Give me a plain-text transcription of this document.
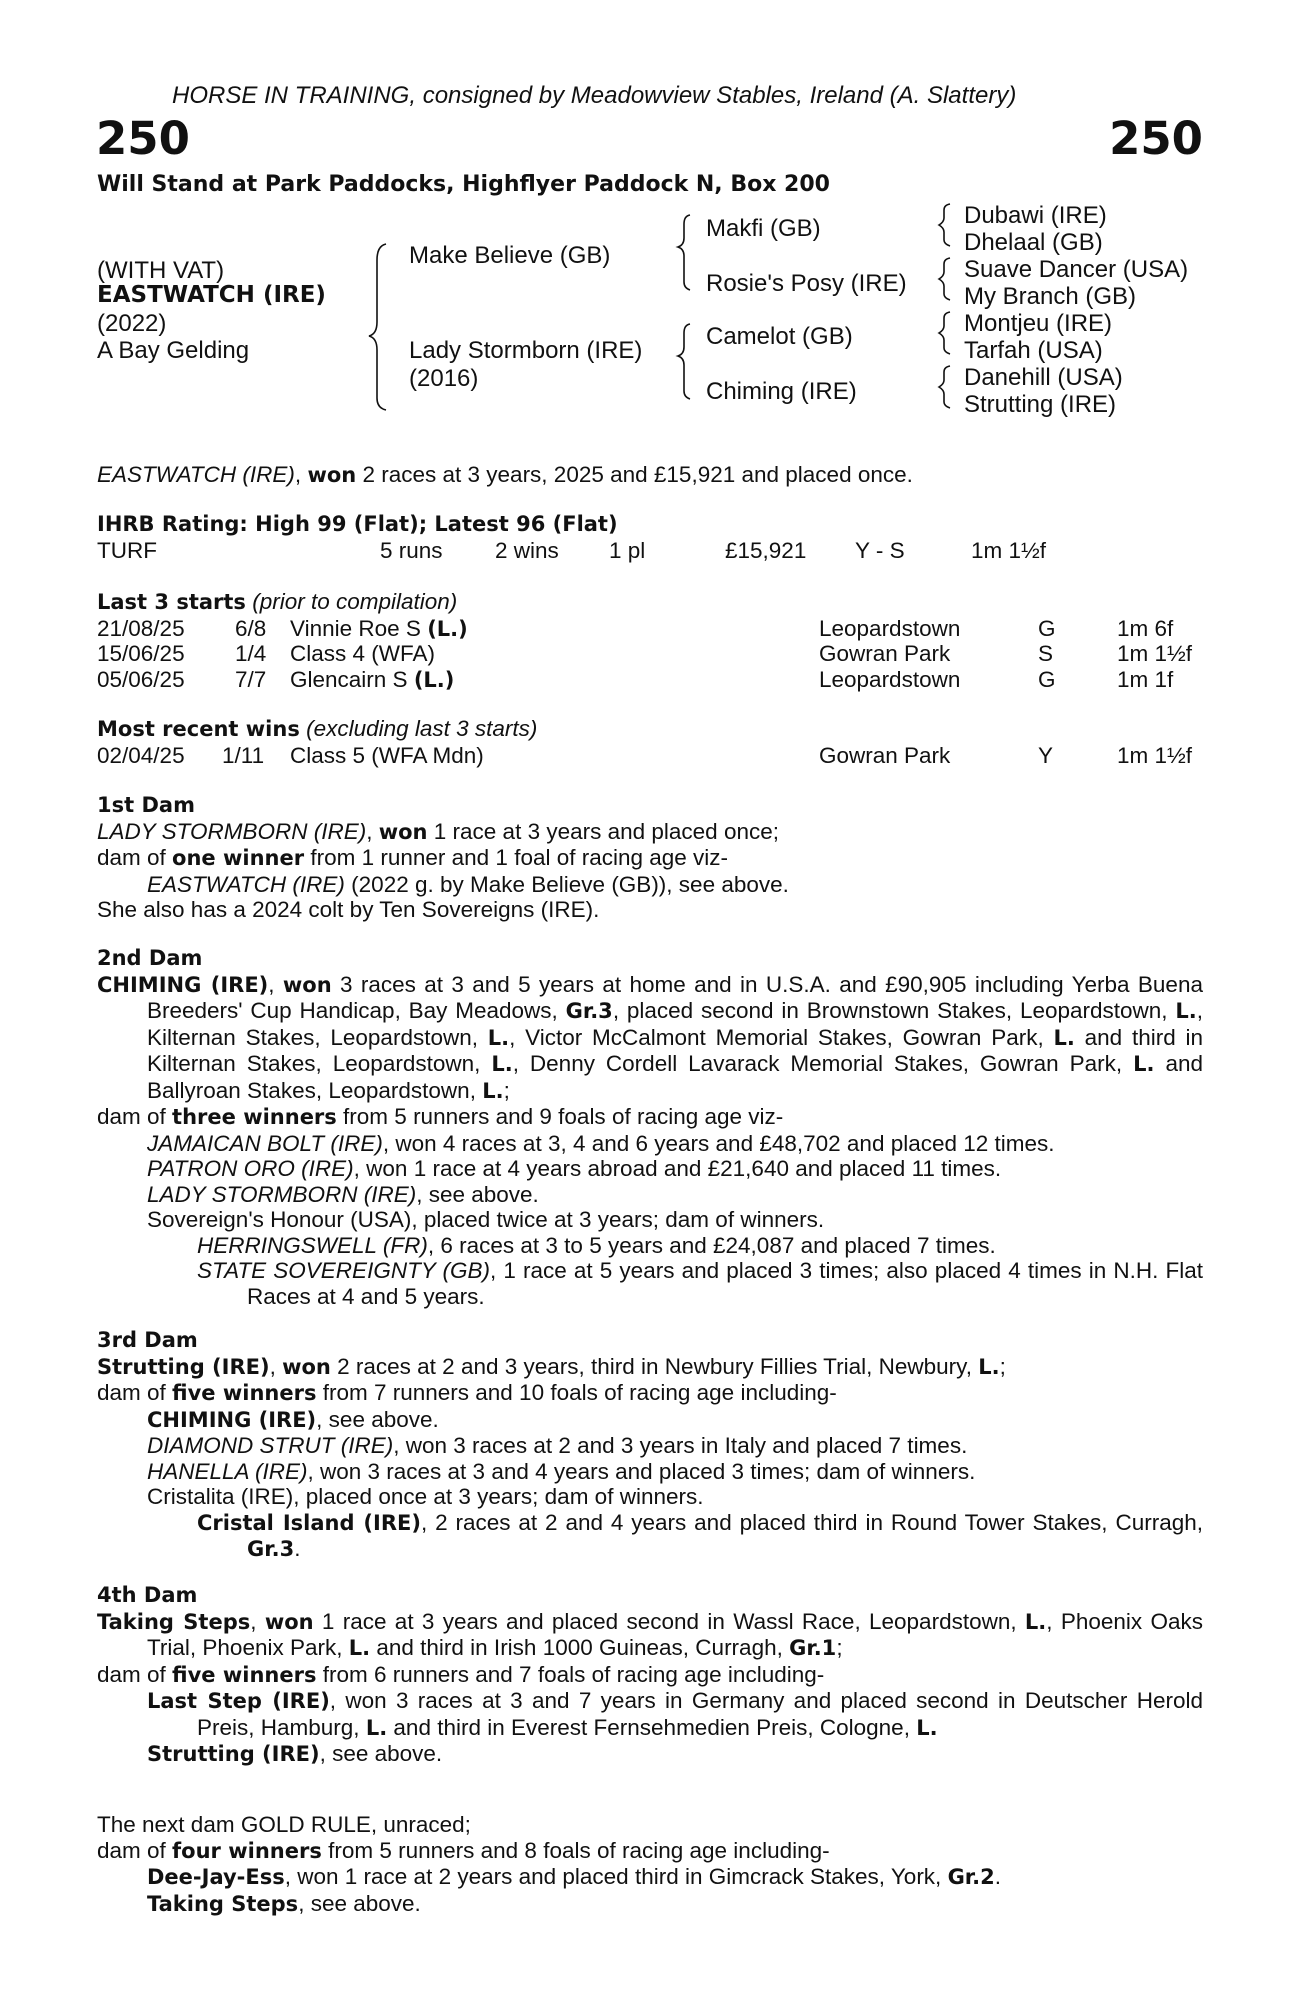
HORSE IN TRAINING, consigned by Meadowview Stables, Ireland (A. Slattery)
250	250
Will Stand at Park Paddocks, Highflyer Paddock N, Box 200
(WITH VAT)
EASTWATCH (IRE)
(2022)
A Bay Gelding
Make Believe (GB)
Lady Stormborn (IRE)
(2016)
Makfi (GB)
Rosie's Posy (IRE)
Camelot (GB)
Chiming (IRE)
Dubawi (IRE)
Dhelaal (GB)
Suave Dancer (USA)
My Branch (GB)
Montjeu (IRE)
Tarfah (USA)
Danehill (USA)
Strutting (IRE)

EASTWATCH (IRE), won 2 races at 3 years, 2025 and £15,921 and placed once.

IHRB Rating: High 99 (Flat); Latest 96 (Flat)

TURF	5 runs 2 wins 1 pl	£15,921 Y - S	1m 1½f

Last 3 starts (prior to compilation)

21/08/25 6/8 Vinnie Roe S (L.)	Leopardstown	G	1m 6f
15/06/25 1/4 Class 4 (WFA)	Gowran Park	S	1m 1½f
05/06/25 7/7 Glencairn S (L.)	Leopardstown	G	1m 1f

Most recent wins (excluding last 3 starts)

02/04/25 1/11 Class 5 (WFA Mdn)	Gowran Park	Y	1m 1½f

1st Dam

LADY STORMBORN (IRE), won 1 race at 3 years and placed once;

dam of one winner from 1 runner and 1 foal of racing age viz-

EASTWATCH (IRE) (2022 g. by Make Believe (GB)), see above.

She also has a 2024 colt by Ten Sovereigns (IRE).

2nd Dam

CHIMING (IRE), won 3 races at 3 and 5 years at home and in U.S.A. and £90,905 including Yerba Buena Breeders' Cup Handicap, Bay Meadows, Gr.3, placed second in Brownstown Stakes, Leopardstown, L., Kilternan Stakes, Leopardstown, L., Victor McCalmont Memorial Stakes, Gowran Park, L. and third in Kilternan Stakes, Leopardstown, L., Denny Cordell Lavarack Memorial Stakes, Gowran Park, L. and Ballyroan Stakes, Leopardstown, L.;

dam of three winners from 5 runners and 9 foals of racing age viz-

JAMAICAN BOLT (IRE), won 4 races at 3, 4 and 6 years and £48,702 and placed 12 times.

PATRON ORO (IRE), won 1 race at 4 years abroad and £21,640 and placed 11 times.

LADY STORMBORN (IRE), see above.

Sovereign's Honour (USA), placed twice at 3 years; dam of winners.

HERRINGSWELL (FR), 6 races at 3 to 5 years and £24,087 and placed 7 times.

STATE SOVEREIGNTY (GB), 1 race at 5 years and placed 3 times; also placed 4 times in N.H. Flat Races at 4 and 5 years.

3rd Dam

Strutting (IRE), won 2 races at 2 and 3 years, third in Newbury Fillies Trial, Newbury, L.;

dam of five winners from 7 runners and 10 foals of racing age including-

CHIMING (IRE), see above.

DIAMOND STRUT (IRE), won 3 races at 2 and 3 years in Italy and placed 7 times.

HANELLA (IRE), won 3 races at 3 and 4 years and placed 3 times; dam of winners.

Cristalita (IRE), placed once at 3 years; dam of winners.

Cristal Island (IRE), 2 races at 2 and 4 years and placed third in Round Tower Stakes, Curragh, Gr.3.

4th Dam

Taking Steps, won 1 race at 3 years and placed second in Wassl Race, Leopardstown, L., Phoenix Oaks Trial, Phoenix Park, L. and third in Irish 1000 Guineas, Curragh, Gr.1;

dam of five winners from 6 runners and 7 foals of racing age including-

Last Step (IRE), won 3 races at 3 and 7 years in Germany and placed second in Deutscher Herold Preis, Hamburg, L. and third in Everest Fernsehmedien Preis, Cologne, L.

Strutting (IRE), see above.

The next dam GOLD RULE, unraced;

dam of four winners from 5 runners and 8 foals of racing age including-

Dee-Jay-Ess, won 1 race at 2 years and placed third in Gimcrack Stakes, York, Gr.2.

Taking Steps, see above.
